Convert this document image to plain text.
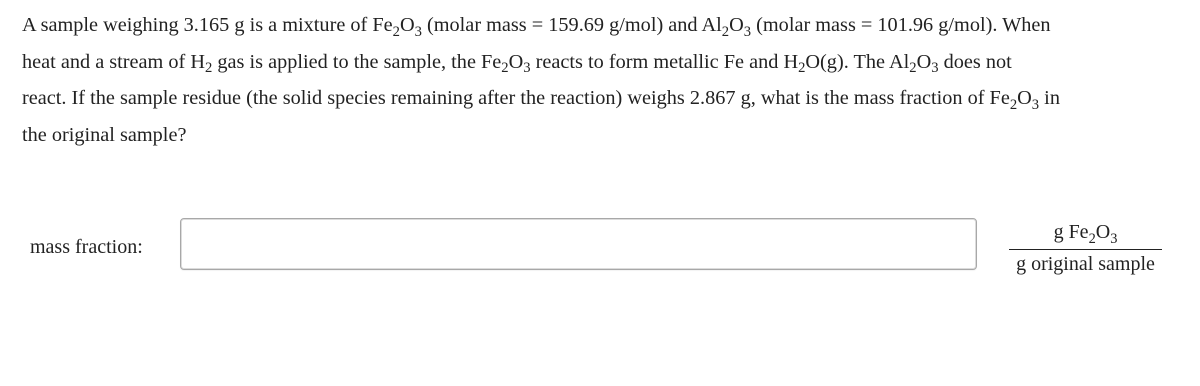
A sample weighing 3.165 g is a mixture of $Fe_2O_3$ (molar mass = 159.69 g/mol) and $Al_2O_3$ (molar mass = 101.96 g/mol). When
heat and a stream of $H_2$ gas is applied to the sample, the $Fe_2O_3$ reacts to form metallic Fe and $H_2O(g)$. The $Al_2O_3$ does not
react. If the sample residue (the solid species remaining after the reaction) weighs 2.867 g, what is the mass fraction of $Fe_2O_3$ in
the original sample?
mass fraction:
g $Fe_2O_3$
g original sample
